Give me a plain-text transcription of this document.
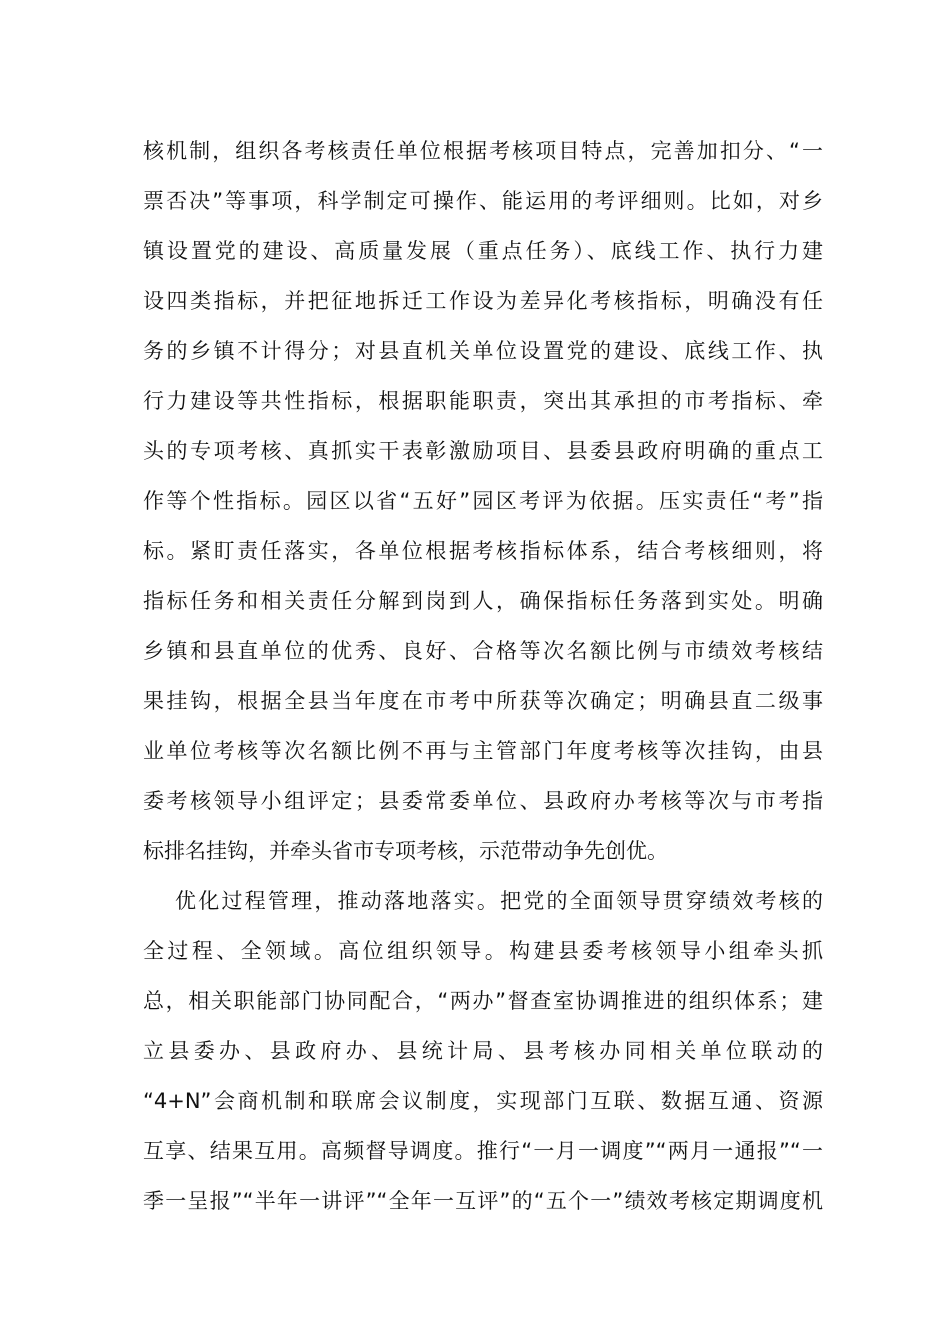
核机制，组织各考核责任单位根据考核项目特点，完善加扣分、“一
票否决”等事项，科学制定可操作、能运用的考评细则。比如，对乡
镇设置党的建设、高质量发展（重点任务）、底线工作、执行力建
设四类指标，并把征地拆迁工作设为差异化考核指标，明确没有任
务的乡镇不计得分；对县直机关单位设置党的建设、底线工作、执
行力建设等共性指标，根据职能职责，突出其承担的市考指标、牵
头的专项考核、真抓实干表彰激励项目、县委县政府明确的重点工
作等个性指标。园区以省“五好”园区考评为依据。压实责任“考”指
标。紧盯责任落实，各单位根据考核指标体系，结合考核细则，将
指标任务和相关责任分解到岗到人，确保指标任务落到实处。明确
乡镇和县直单位的优秀、良好、合格等次名额比例与市绩效考核结
果挂钩，根据全县当年度在市考中所获等次确定；明确县直二级事
业单位考核等次名额比例不再与主管部门年度考核等次挂钩，由县
委考核领导小组评定；县委常委单位、县政府办考核等次与市考指
标排名挂钩，并牵头省市专项考核，示范带动争先创优。
优化过程管理，推动落地落实。把党的全面领导贯穿绩效考核的
全过程、全领域。高位组织领导。构建县委考核领导小组牵头抓
总，相关职能部门协同配合，“两办”督查室协调推进的组织体系；建
立县委办、县政府办、县统计局、县考核办同相关单位联动的
“4+N”会商机制和联席会议制度，实现部门互联、数据互通、资源
互享、结果互用。高频督导调度。推行“一月一调度”“两月一通报”“一
季一呈报”“半年一讲评”“全年一互评”的“五个一”绩效考核定期调度机
